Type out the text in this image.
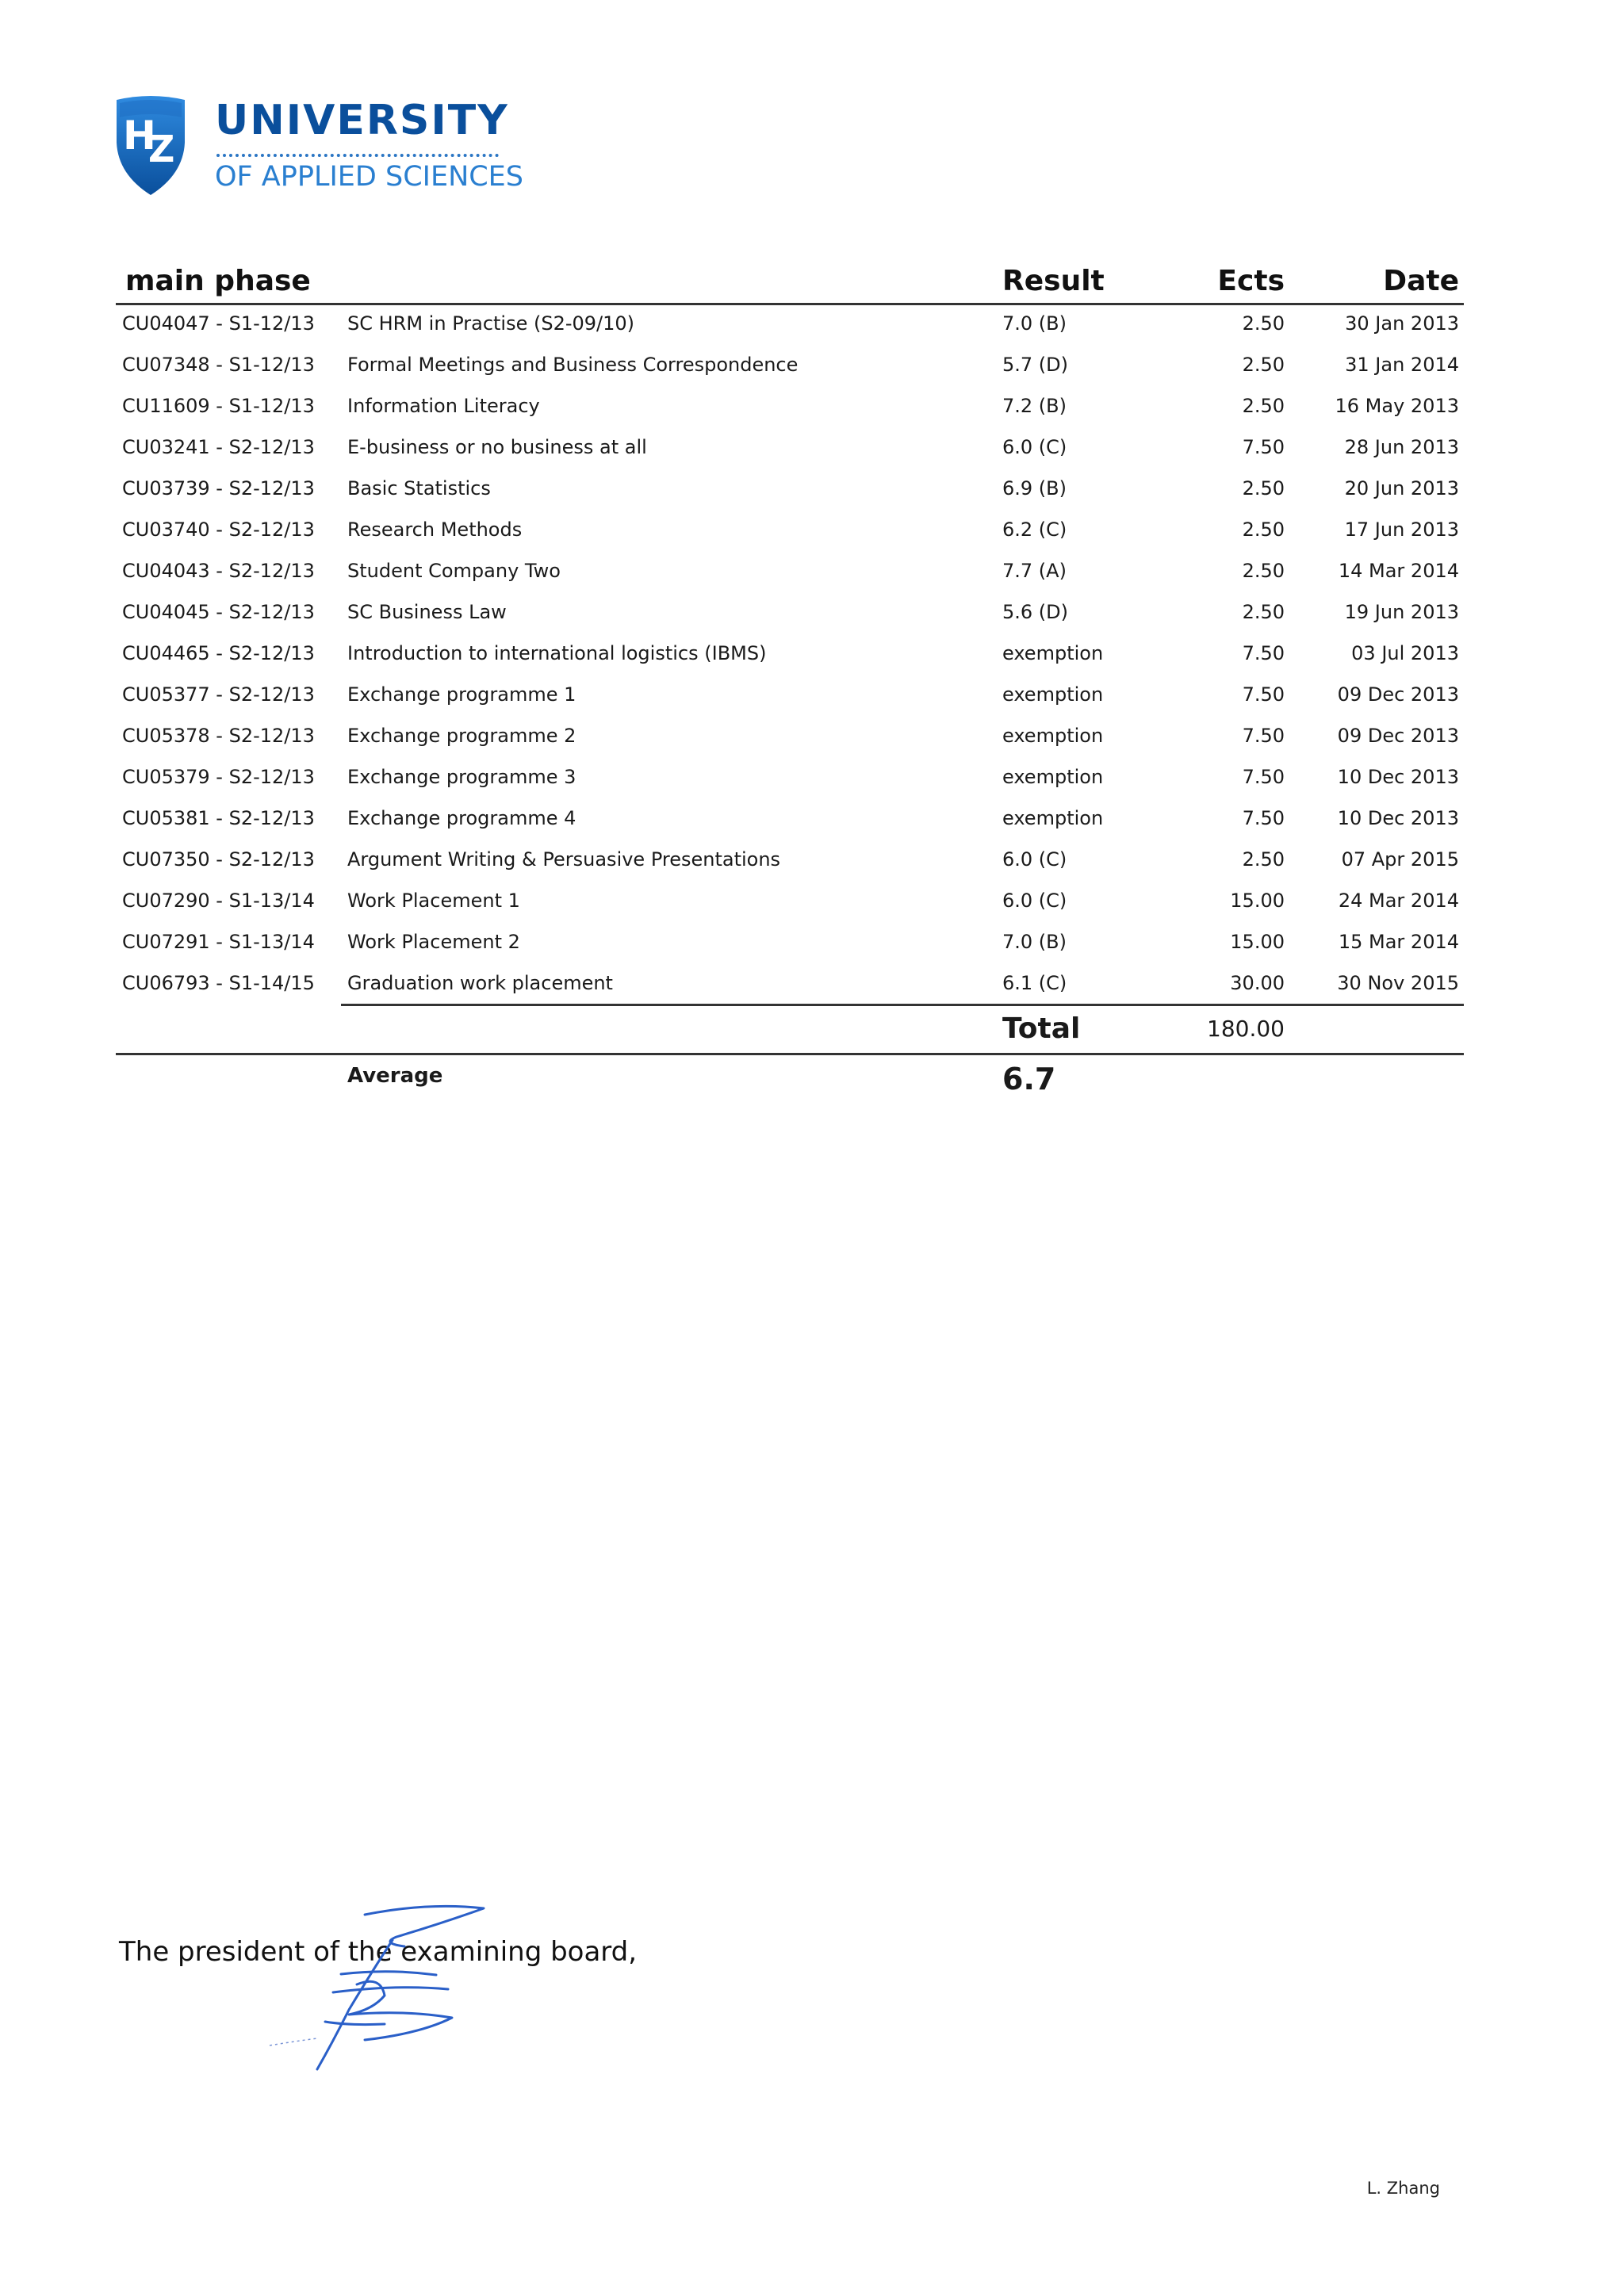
H
Z
UNIVERSITY
OF APPLIED SCIENCES
main phase	Result	Ects	Date
CU04047 - S1-12/13 SC HRM in Practise (S2-09/10)	7.0 (B)	2.50	30 Jan 2013
CU07348 - S1-12/13 Formal Meetings and Business Correspondence	5.7 (D)	2.50	31 Jan 2014
CU11609 - S1-12/13 Information Literacy	7.2 (B)	2.50	16 May 2013
CU03241 - S2-12/13 E-business or no business at all	6.0 (C)	7.50	28 Jun 2013
CU03739 - S2-12/13 Basic Statistics	6.9 (B)	2.50	20 Jun 2013
CU03740 - S2-12/13 Research Methods	6.2 (C)	2.50	17 Jun 2013
CU04043 - S2-12/13 Student Company Two	7.7 (A)	2.50	14 Mar 2014
CU04045 - S2-12/13 SC Business Law	5.6 (D)	2.50	19 Jun 2013
CU04465 - S2-12/13 Introduction to international logistics (IBMS)	exemption	7.50	03 Jul 2013
CU05377 - S2-12/13 Exchange programme 1	exemption	7.50	09 Dec 2013
CU05378 - S2-12/13 Exchange programme 2	exemption	7.50	09 Dec 2013
CU05379 - S2-12/13 Exchange programme 3	exemption	7.50	10 Dec 2013
CU05381 - S2-12/13 Exchange programme 4	exemption	7.50	10 Dec 2013
CU07350 - S2-12/13 Argument Writing & Persuasive Presentations	6.0 (C)	2.50	07 Apr 2015
CU07290 - S1-13/14 Work Placement 1	6.0 (C)	15.00	24 Mar 2014
CU07291 - S1-13/14 Work Placement 2	7.0 (B)	15.00	15 Mar 2014
CU06793 - S1-14/15 Graduation work placement	6.1 (C)	30.00	30 Nov 2015
Total	180.00
Average	6.7
The president of the examining board,
L. Zhang
